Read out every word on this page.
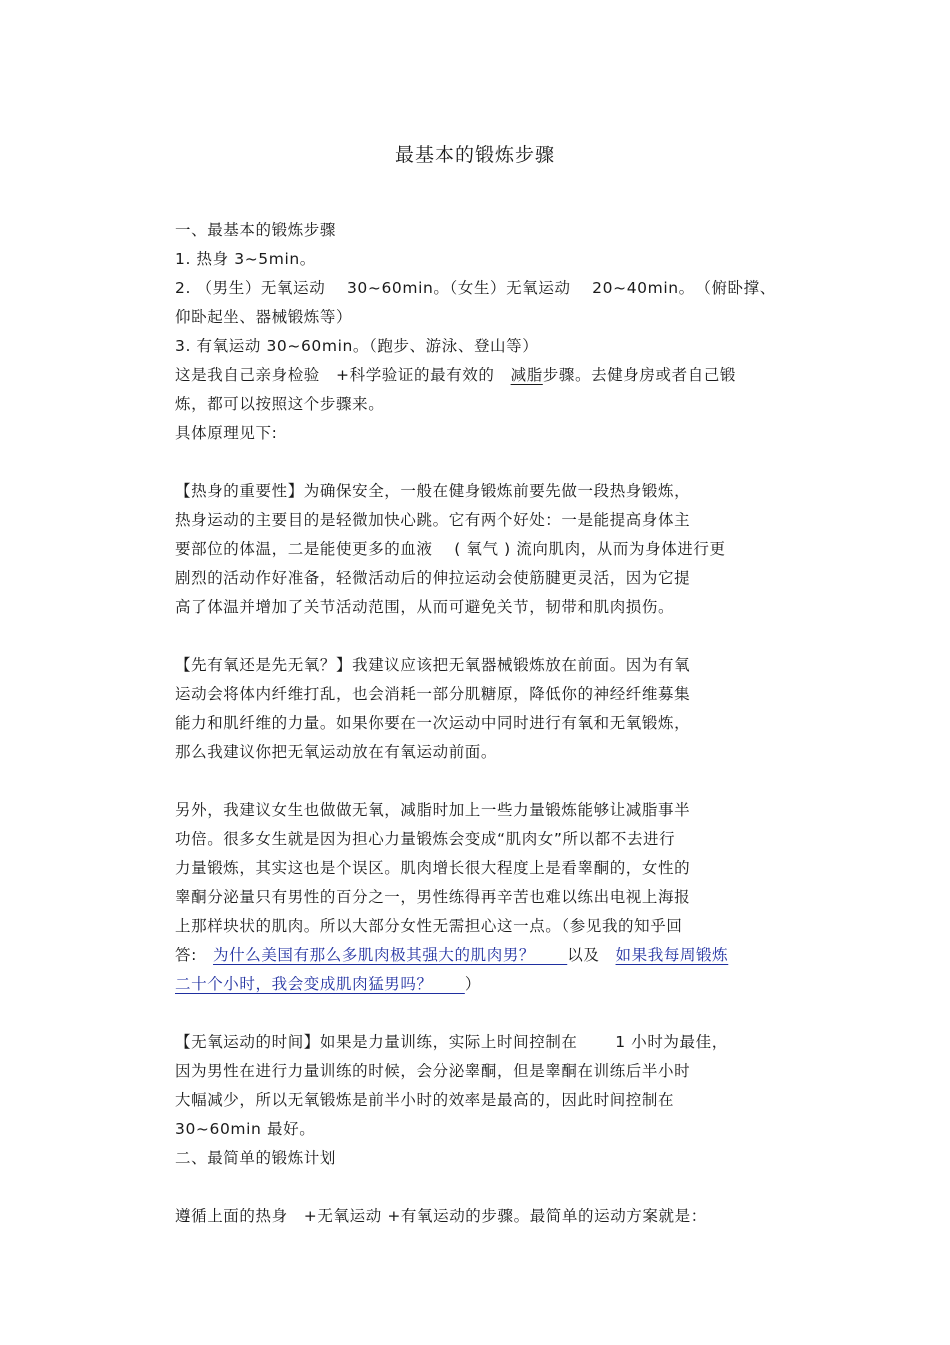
最基本的锻炼步骤
一、最基本的锻炼步骤
1. 热身 3~5min。
2. （男生）无氧运动　 30~60min。（女生）无氧运动　 20~40min。　（俯卧撑、
仰卧起坐、器械锻炼等）
3. 有氧运动 30~60min。（跑步、游泳、登山等）
这是我自己亲身检验　+科学验证的最有效的　减脂步骤。去健身房或者自己锻
炼，都可以按照这个步骤来。
具体原理见下:
【热身的重要性】为确保安全，一般在健身锻炼前要先做一段热身锻炼，
热身运动的主要目的是轻微加快心跳。它有两个好处：一是能提高身体主
要部位的体温，二是能使更多的血液　 ( 氧气 ) 流向肌肉，从而为身体进行更
剧烈的活动作好准备，轻微活动后的伸拉运动会使筋腱更灵活，因为它提
高了体温并增加了关节活动范围，从而可避免关节，韧带和肌肉损伤。
【先有氧还是先无氧？】我建议应该把无氧器械锻炼放在前面。因为有氧
运动会将体内纤维打乱，也会消耗一部分肌糖原，降低你的神经纤维募集
能力和肌纤维的力量。如果你要在一次运动中同时进行有氧和无氧锻炼，
那么我建议你把无氧运动放在有氧运动前面。
另外，我建议女生也做做无氧，减脂时加上一些力量锻炼能够让减脂事半
功倍。很多女生就是因为担心力量锻炼会变成“肌肉女”所以都不去进行
力量锻炼，其实这也是个误区。肌肉增长很大程度上是看睾酮的，女性的
睾酮分泌量只有男性的百分之一，男性练得再辛苦也难以练出电视上海报
上那样块状的肌肉。所以大部分女性无需担心这一点。（参见我的知乎回
答:　为什么美国有那么多肌肉极其强大的肌肉男？　　以及　如果我每周锻炼
二十个小时，我会变成肌肉猛男吗？　　）
【无氧运动的时间】如果是力量训练，实际上时间控制在　　 1 小时为最佳，
因为男性在进行力量训练的时候，会分泌睾酮，但是睾酮在训练后半小时
大幅减少，所以无氧锻炼是前半小时的效率是最高的，因此时间控制在
30~60min 最好。
二、最简单的锻炼计划
遵循上面的热身　+无氧运动 +有氧运动的步骤。最简单的运动方案就是：
